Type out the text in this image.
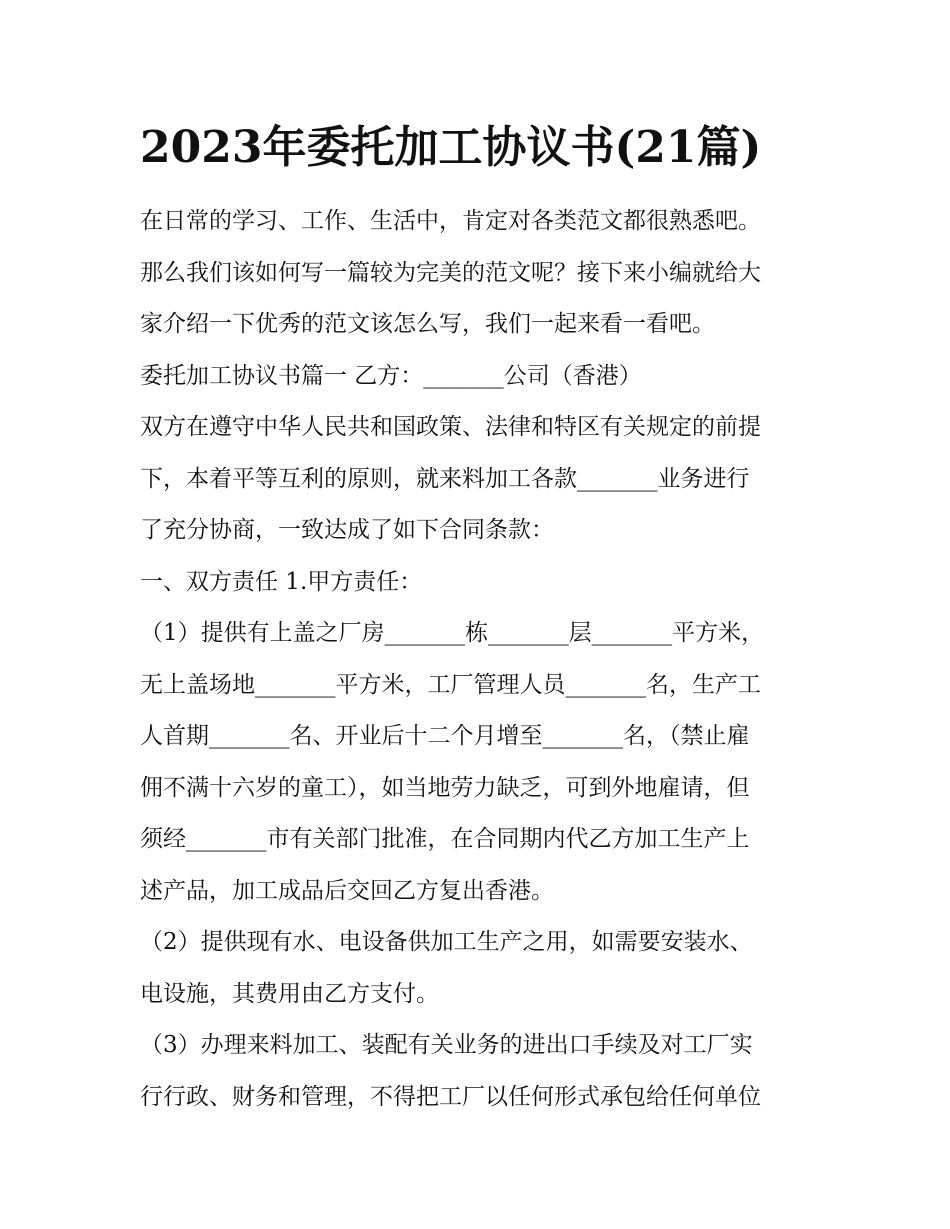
2023年委托加工协议书(21篇)
在日常的学习、工作、生活中，肯定对各类范文都很熟悉吧。
那么我们该如何写一篇较为完美的范文呢？接下来小编就给大
家介绍一下优秀的范文该怎么写，我们一起来看一看吧。
委托加工协议书篇一 乙方：_______公司（香港）
双方在遵守中华人民共和国政策、法律和特区有关规定的前提
下，本着平等互利的原则，就来料加工各款_______业务进行
了充分协商，一致达成了如下合同条款：
一、双方责任 1.甲方责任：
（1）提供有上盖之厂房_______栋_______层_______平方米，
无上盖场地_______平方米，工厂管理人员_______名，生产工
人首期_______名、开业后十二个月增至_______名，（禁止雇
佣不满十六岁的童工），如当地劳力缺乏，可到外地雇请，但
须经_______市有关部门批准，在合同期内代乙方加工生产上
述产品，加工成品后交回乙方复出香港。
（2）提供现有水、电设备供加工生产之用，如需要安装水、
电设施，其费用由乙方支付。
（3）办理来料加工、装配有关业务的进出口手续及对工厂实
行行政、财务和管理，不得把工厂以任何形式承包给任何单位
